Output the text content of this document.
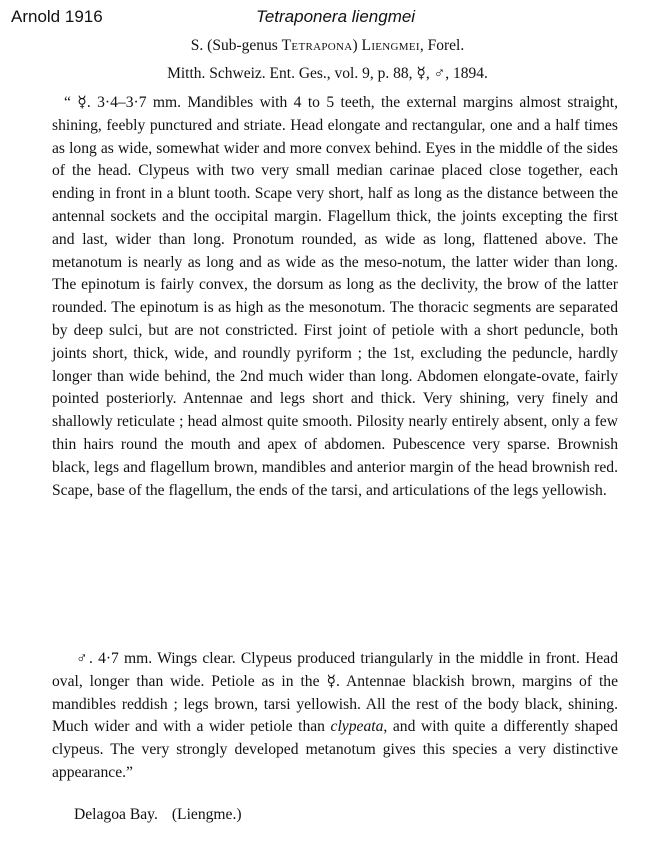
Arnold 1916	Tetraponera liengmei
S. (Sub-genus Tetrapona) Liengmei, Forel.
Mitth. Schweiz. Ent. Ges., vol. 9, p. 88, ☿, ♂, 1894.

“ ☿. 3·4–3·7 mm. Mandibles with 4 to 5 teeth, the external margins almost straight, shining, feebly punctured and striate. Head elongate and rectangular, one and a half times as long as wide, somewhat wider and more convex behind. Eyes in the middle of the sides of the head. Clypeus with two very small median carinae placed close together, each ending in front in a blunt tooth. Scape very short, half as long as the distance between the antennal sockets and the occipital margin. Flagellum thick, the joints excepting the first and last, wider than long. Pronotum rounded, as wide as long, flattened above. The metanotum is nearly as long and as wide as the meso-notum, the latter wider than long. The epinotum is fairly convex, the dorsum as long as the declivity, the brow of the latter rounded. The epinotum is as high as the mesonotum. The thoracic segments are separated by deep sulci, but are not constricted. First joint of petiole with a short peduncle, both joints short, thick, wide, and roundly pyriform ; the 1st, excluding the peduncle, hardly longer than wide behind, the 2nd much wider than long. Abdomen elongate-ovate, fairly pointed posteriorly. Antennae and legs short and thick. Very shining, very finely and shallowly reticulate ; head almost quite smooth. Pilosity nearly entirely absent, only a few thin hairs round the mouth and apex of abdomen. Pubescence very sparse. Brownish black, legs and flagellum brown, mandibles and anterior margin of the head brownish red. Scape, base of the flagellum, the ends of the tarsi, and articulations of the legs yellowish.

♂. 4·7 mm. Wings clear. Clypeus produced triangularly in the middle in front. Head oval, longer than wide. Petiole as in the ☿. Antennae blackish brown, margins of the mandibles reddish ; legs brown, tarsi yellowish. All the rest of the body black, shining. Much wider and with a wider petiole than clypeata, and with quite a differently shaped clypeus. The very strongly developed metanotum gives this species a very distinctive appearance.”

Delagoa Bay. (Liengme.)
